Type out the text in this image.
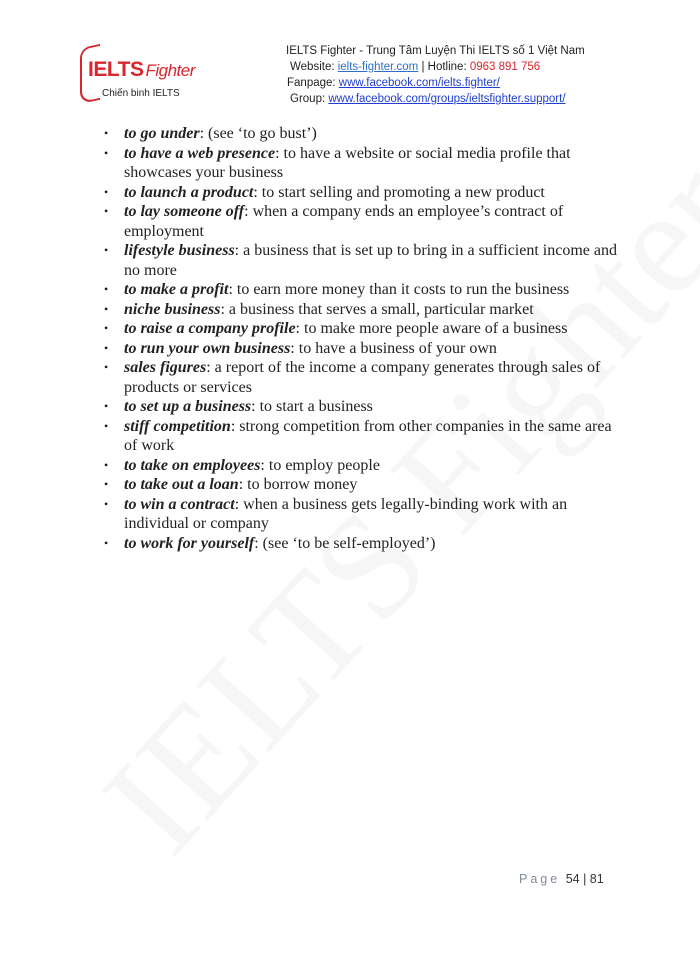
IELTS Fighter
Chiến binh IELTS
IELTS Fighter - Trung Tâm Luyện Thi IELTS số 1 Việt Nam
Website: ielts-fighter.com | Hotline: 0963 891 756
Fanpage: www.facebook.com/ielts.fighter/
Group: www.facebook.com/groups/ieltsfighter.support/
• to go under: (see ‘to go bust’)
• to have a web presence: to have a website or social media profile that showcases your business
• to launch a product: to start selling and promoting a new product
• to lay someone off: when a company ends an employee’s contract of employment
• lifestyle business: a business that is set up to bring in a sufficient income and no more
• to make a profit: to earn more money than it costs to run the business
• niche business: a business that serves a small, particular market
• to raise a company profile: to make more people aware of a business
• to run your own business: to have a business of your own
• sales figures: a report of the income a company generates through sales of products or services
• to set up a business: to start a business
• stiff competition: strong competition from other companies in the same area of work
• to take on employees: to employ people
• to take out a loan: to borrow money
• to win a contract: when a business gets legally-binding work with an individual or company
• to work for yourself: (see ‘to be self-employed’)
Page 54 | 81
